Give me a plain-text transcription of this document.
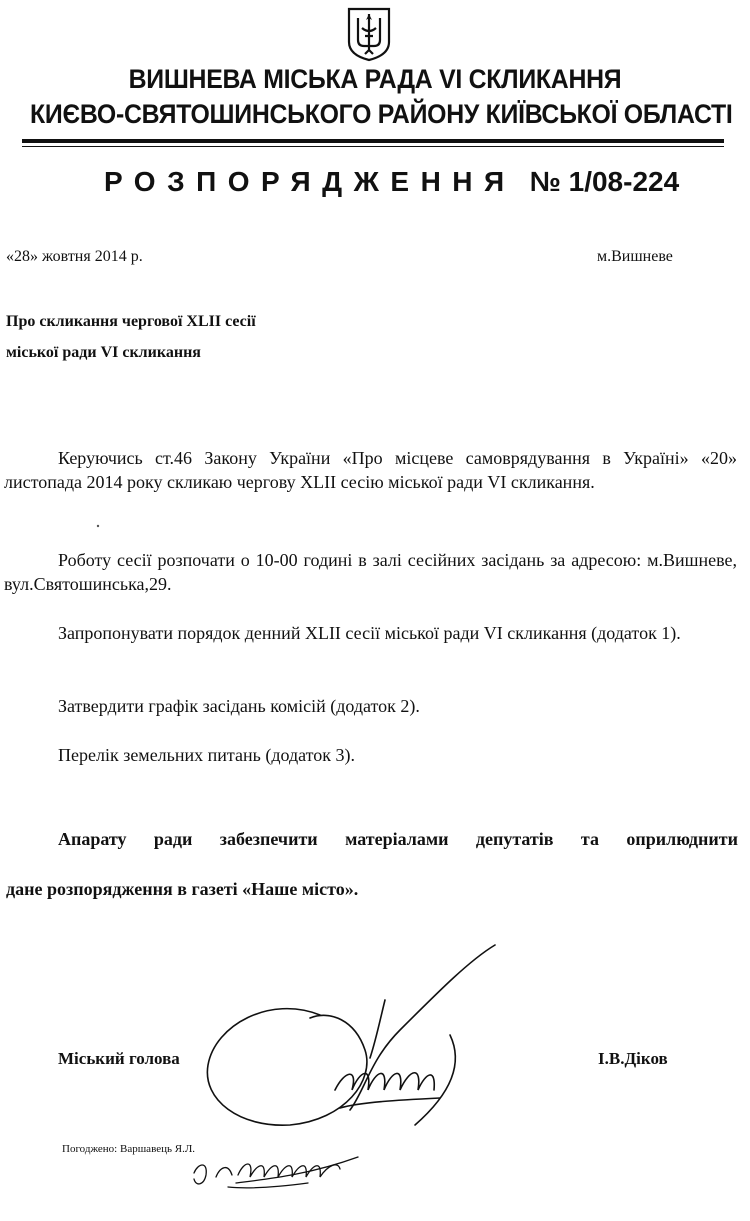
ВИШНЕВА МІСЬКА РАДА VI СКЛИКАННЯ
КИЄВО-СВЯТОШИНСЬКОГО РАЙОНУ КИЇВСЬКОЇ ОБЛАСТІ
РОЗПОРЯДЖЕННЯ № 1/08-224
«28» жовтня 2014 р.	м.Вишневе
Про скликання чергової XLII сесії
міської ради VI скликання
Керуючись ст.46 Закону України «Про місцеве самоврядування в Україні» «20» листопада 2014 року скликаю чергову XLII сесію міської ради VI скликання.
Роботу сесії розпочати о 10-00 годині в залі сесійних засідань за адресою: м.Вишневе, вул.Святошинська,29.
Запропонувати порядок денний XLII сесії міської ради VI скликання (додаток 1).
Затвердити графік засідань комісій (додаток 2).
Перелік земельних питань (додаток 3).
Апарату ради забезпечити матеріалами депутатів та оприлюднити
дане розпорядження в газеті «Наше місто».
Міський голова	І.В.Діков
Погоджено: Варшавець Я.Л.
